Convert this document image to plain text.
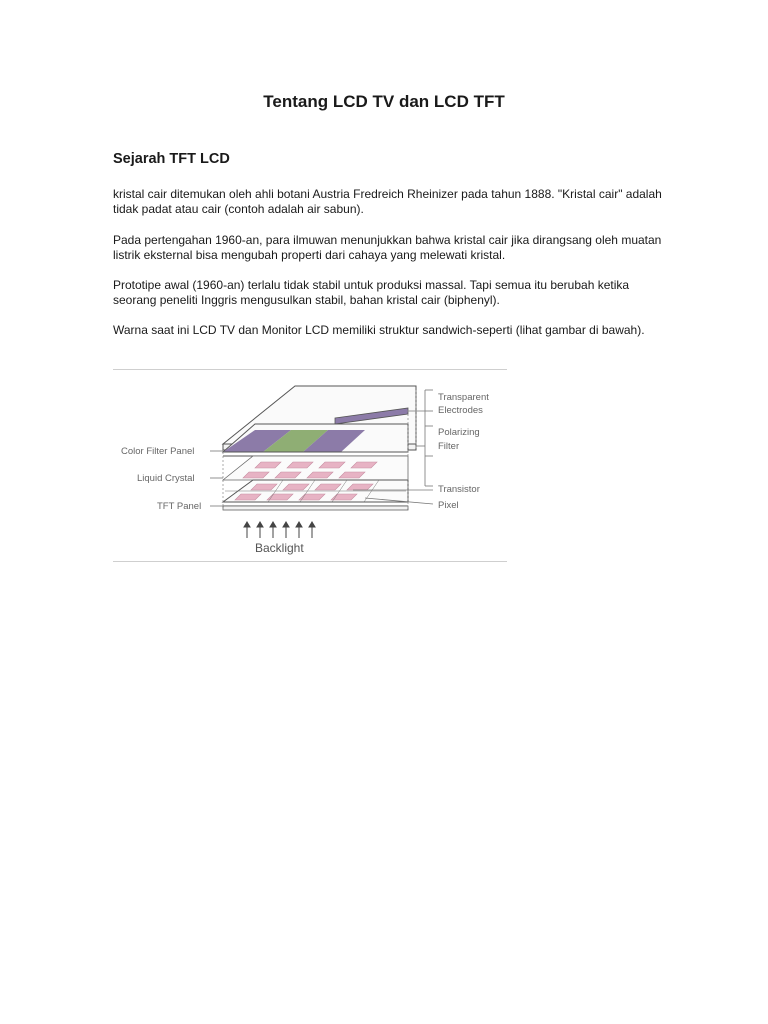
Tentang LCD TV dan LCD TFT
Sejarah TFT LCD

kristal cair ditemukan oleh ahli botani Austria Fredreich Rheinizer pada tahun 1888. "Kristal cair" adalah tidak padat atau cair (contoh adalah air sabun).

Pada pertengahan 1960-an, para ilmuwan menunjukkan bahwa kristal cair jika dirangsang oleh muatan listrik eksternal bisa mengubah properti dari cahaya yang melewati kristal.

Prototipe awal (1960-an) terlalu tidak stabil untuk produksi massal. Tapi semua itu berubah ketika seorang peneliti Inggris mengusulkan stabil, bahan kristal cair (biphenyl).

Warna saat ini LCD TV dan Monitor LCD memiliki struktur sandwich-seperti (lihat gambar di bawah).

Color Filter Panel
Liquid Crystal
TFT Panel
Transparent
Electrodes
Polarizing
Filter
Transistor
Pixel
Backlight
